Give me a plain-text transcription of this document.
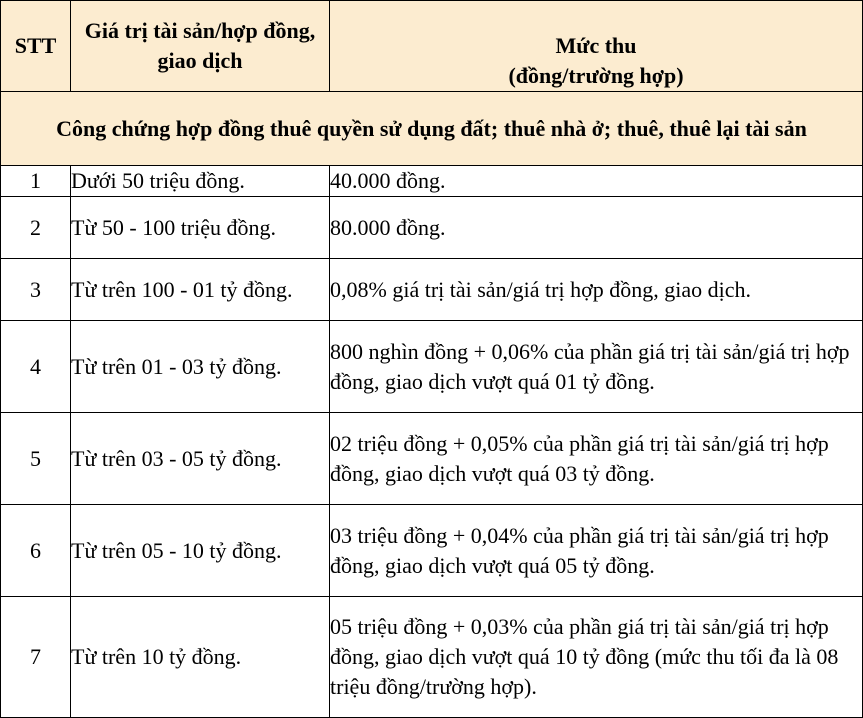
STT	Giá trị tài sản/hợp đồng, giao dịch	Mức thu
(đồng/trường hợp)

Công chứng hợp đồng thuê quyền sử dụng đất; thuê nhà ở; thuê, thuê lại tài sản		
1	Dưới 50 triệu đồng.	40.000 đồng.
2	Từ 50 - 100 triệu đồng.	80.000 đồng.
3	Từ trên 100 - 01 tỷ đồng.	0,08% giá trị tài sản/giá trị hợp đồng, giao dịch.
4	Từ trên 01 - 03 tỷ đồng.	800 nghìn đồng + 0,06% của phần giá trị tài sản/giá trị hợp đồng, giao dịch vượt quá 01 tỷ đồng.
5	Từ trên 03 - 05 tỷ đồng.	02 triệu đồng + 0,05% của phần giá trị tài sản/giá trị hợp đồng, giao dịch vượt quá 03 tỷ đồng.
6	Từ trên 05 - 10 tỷ đồng.	03 triệu đồng + 0,04% của phần giá trị tài sản/giá trị hợp đồng, giao dịch vượt quá 05 tỷ đồng.
7	Từ trên 10 tỷ đồng.	05 triệu đồng + 0,03% của phần giá trị tài sản/giá trị hợp đồng, giao dịch vượt quá 10 tỷ đồng (mức thu tối đa là 08 triệu đồng/trường hợp).
